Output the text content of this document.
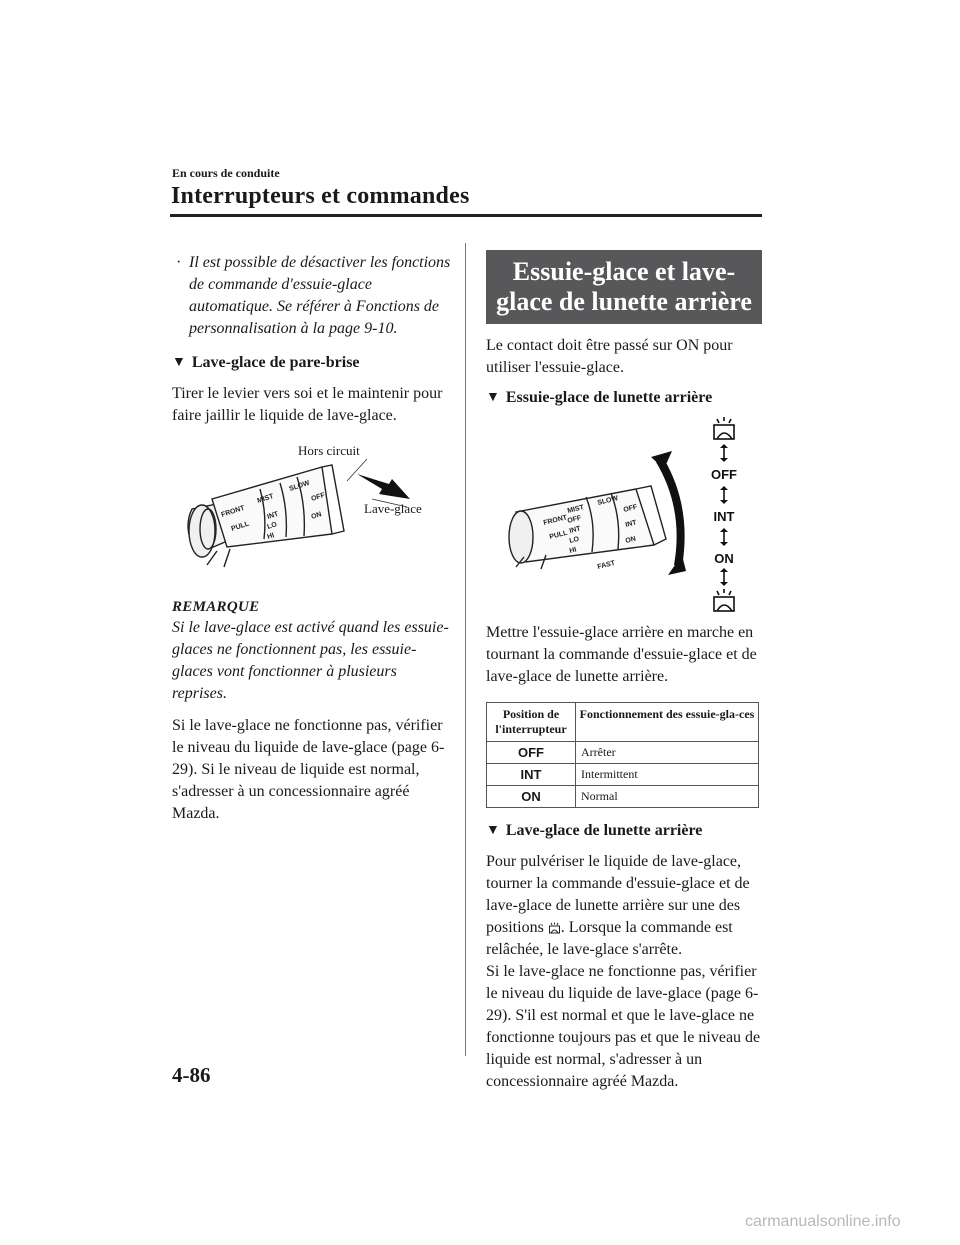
En cours de conduite
Interrupteurs et commandes
· Il est possible de désactiver les fonctions de commande d'essuie-glace automatique. Se référer à Fonctions de personnalisation à la page 9-10.
▼ Lave-glace de pare-brise

Tirer le levier vers soi et le maintenir pour faire jaillir le liquide de lave-glace.

FRONT
PULL
MIST
SLOW
INT
LO
HI
OFF
ON
Hors circuit
Lave-glace

REMARQUE

Si le lave-glace est activé quand les essuie-glaces ne fonctionnent pas, les essuie-glaces vont fonctionner à plusieurs reprises.

Si le lave-glace ne fonctionne pas, vérifier le niveau du liquide de lave-glace (page 6-29). Si le niveau de liquide est normal, s'adresser à un concessionnaire agréé Mazda.

Essuie-glace et lave-glace de lunette arrière

Le contact doit être passé sur ON pour utiliser l'essuie-glace.

▼ Essuie-glace de lunette arrière
FRONT
PULL
MIST
OFF
INT
LO
HI
SLOW
FAST
OFF
INT
ON
OFF
INT
ON

Mettre l'essuie-glace arrière en marche en tournant la commande d'essuie-glace et de lave-glace de lunette arrière.

Position de l'interrupteur	Fonctionnement des essuie-gla-ces
OFF	Arrêter
INT	Intermittent
ON	Normal
▼ Lave-glace de lunette arrière

Pour pulvériser le liquide de lave-glace, tourner la commande d'essuie-glace et de lave-glace de lunette arrière sur une des positions . Lorsque la commande est relâchée, le lave-glace s'arrête.
Si le lave-glace ne fonctionne pas, vérifier le niveau du liquide de lave-glace (page 6-29). S'il est normal et que le lave-glace ne fonctionne toujours pas et que le niveau de liquide est normal, s'adresser à un concessionnaire agréé Mazda.

4-86
carmanualsonline.info
